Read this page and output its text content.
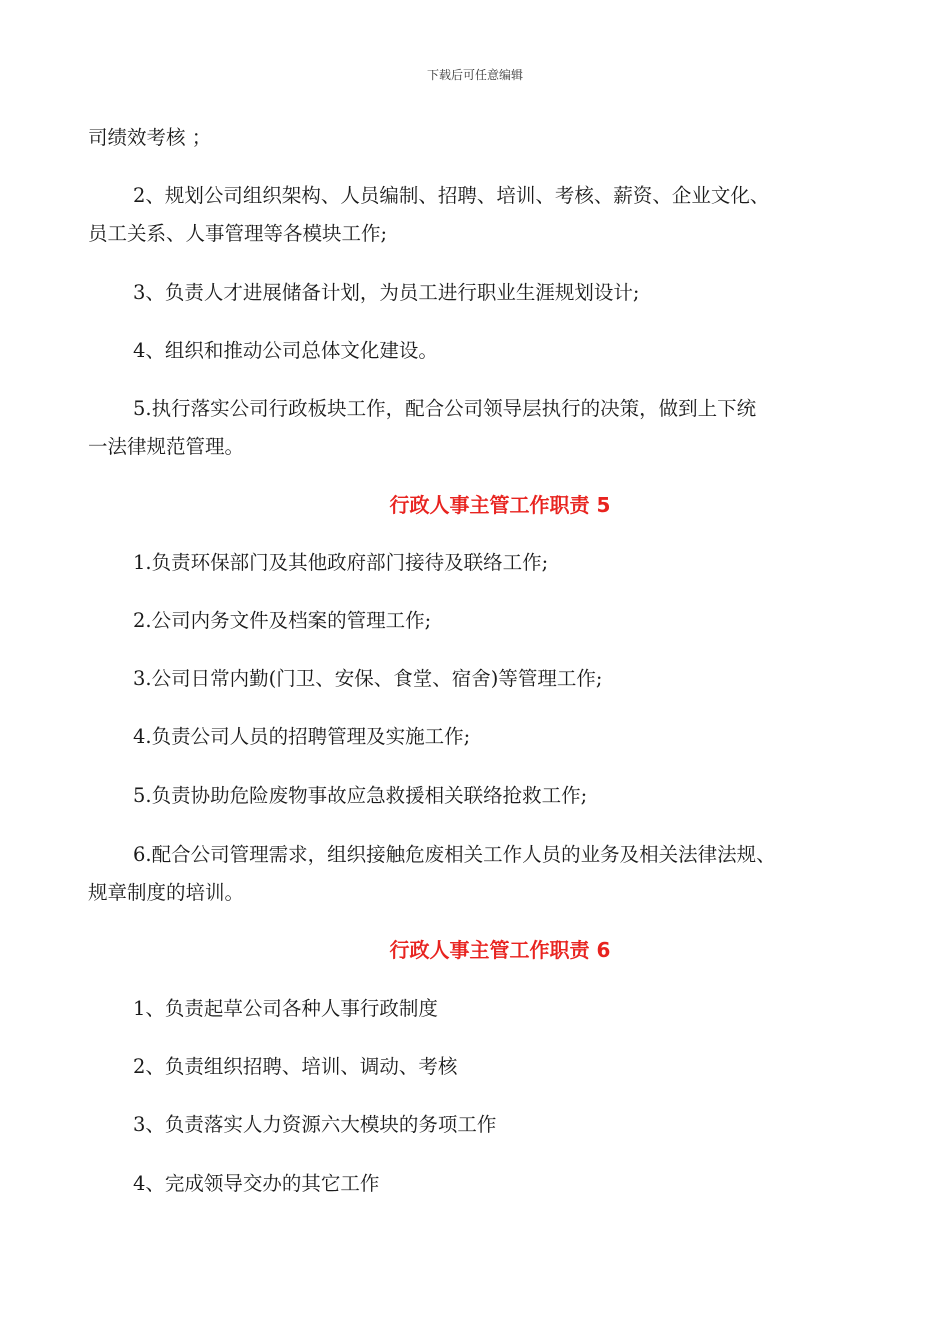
下载后可任意编辑

司绩效考核 ；

2、规划公司组织架构、人员编制、招聘、培训、考核、薪资、企业文化、

员工关系、人事管理等各模块工作;

3、负责人才进展储备计划，为员工进行职业生涯规划设计;

4、组织和推动公司总体文化建设。

5.执行落实公司行政板块工作，配合公司领导层执行的决策，做到上下统

一法律规范管理。

行政人事主管工作职责 5

1.负责环保部门及其他政府部门接待及联络工作;

2.公司内务文件及档案的管理工作;

3.公司日常内勤(门卫、安保、食堂、宿舍)等管理工作;

4.负责公司人员的招聘管理及实施工作;

5.负责协助危险废物事故应急救援相关联络抢救工作;

6.配合公司管理需求，组织接触危废相关工作人员的业务及相关法律法规、

规章制度的培训。

行政人事主管工作职责 6

1、负责起草公司各种人事行政制度

2、负责组织招聘、培训、调动、考核

3、负责落实人力资源六大模块的务项工作

4、完成领导交办的其它工作
